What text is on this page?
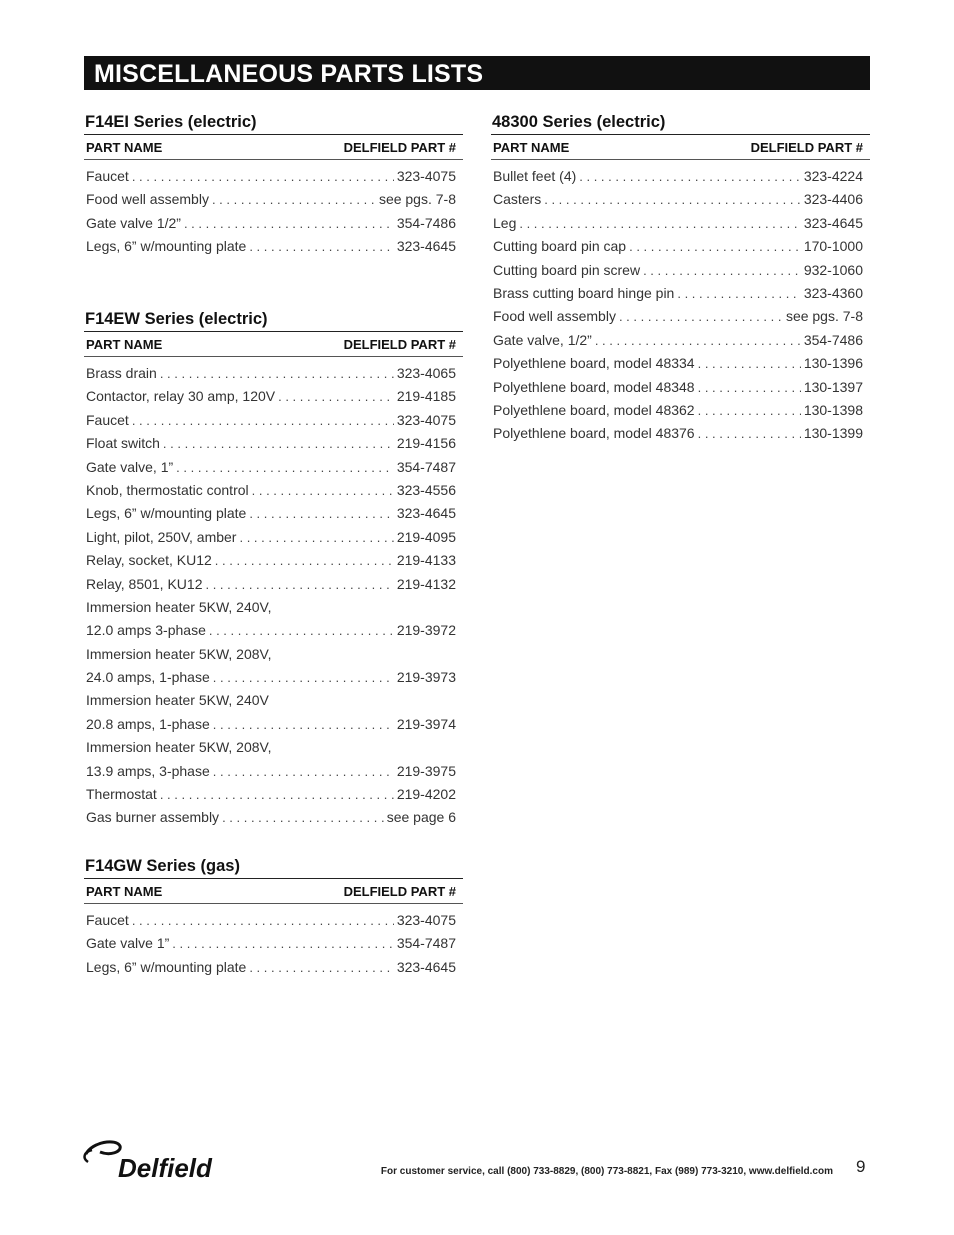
MISCELLANEOUS PARTS LISTS
F14EI Series (electric)
PART NAME	DELFIELD PART #
Faucet . . .	323-4075
Food well assembly . . .	see pgs. 7-8
Gate valve 1/2” . . .	354-7486
Legs, 6” w/mounting plate . . .	323-4645
F14EW Series (electric)
PART NAME	DELFIELD PART #
Brass drain . . .	323-4065
Contactor, relay 30 amp, 120V . . .	219-4185
Faucet . . .	323-4075
Float switch . . .	219-4156
Gate valve, 1” . . .	354-7487
Knob, thermostatic control . . .	323-4556
Legs, 6” w/mounting plate . . .	323-4645
Light, pilot, 250V, amber . . .	219-4095
Relay, socket, KU12 . . .	219-4133
Relay, 8501, KU12 . . .	219-4132
Immersion heater 5KW, 240V,
12.0 amps 3-phase . . .	219-3972
Immersion heater 5KW, 208V,
24.0 amps, 1-phase . . .	219-3973
Immersion heater 5KW, 240V
20.8 amps, 1-phase . . .	219-3974
Immersion heater 5KW, 208V,
13.9 amps, 3-phase . . .	219-3975
Thermostat . . .	219-4202
Gas burner assembly . . .	see page 6
F14GW Series (gas)
PART NAME	DELFIELD PART #
Faucet . . .	323-4075
Gate valve 1” . . .	354-7487
Legs, 6” w/mounting plate . . .	323-4645
48300 Series (electric)
PART NAME	DELFIELD PART #
Bullet feet (4) . . .	323-4224
Casters . . .	323-4406
Leg . . .	323-4645
Cutting board pin cap . . .	170-1000
Cutting board pin screw . . .	932-1060
Brass cutting board hinge pin . . .	323-4360
Food well assembly . . .	see pgs. 7-8
Gate valve, 1/2” . . .	354-7486
Polyethlene board, model 48334 . . .	130-1396
Polyethlene board, model 48348 . . .	130-1397
Polyethlene board, model 48362 . . .	130-1398
Polyethlene board, model 48376 . . .	130-1399
Delfield	For customer service, call (800) 733-8829, (800) 773-8821, Fax (989) 773-3210, www.delfield.com 9
